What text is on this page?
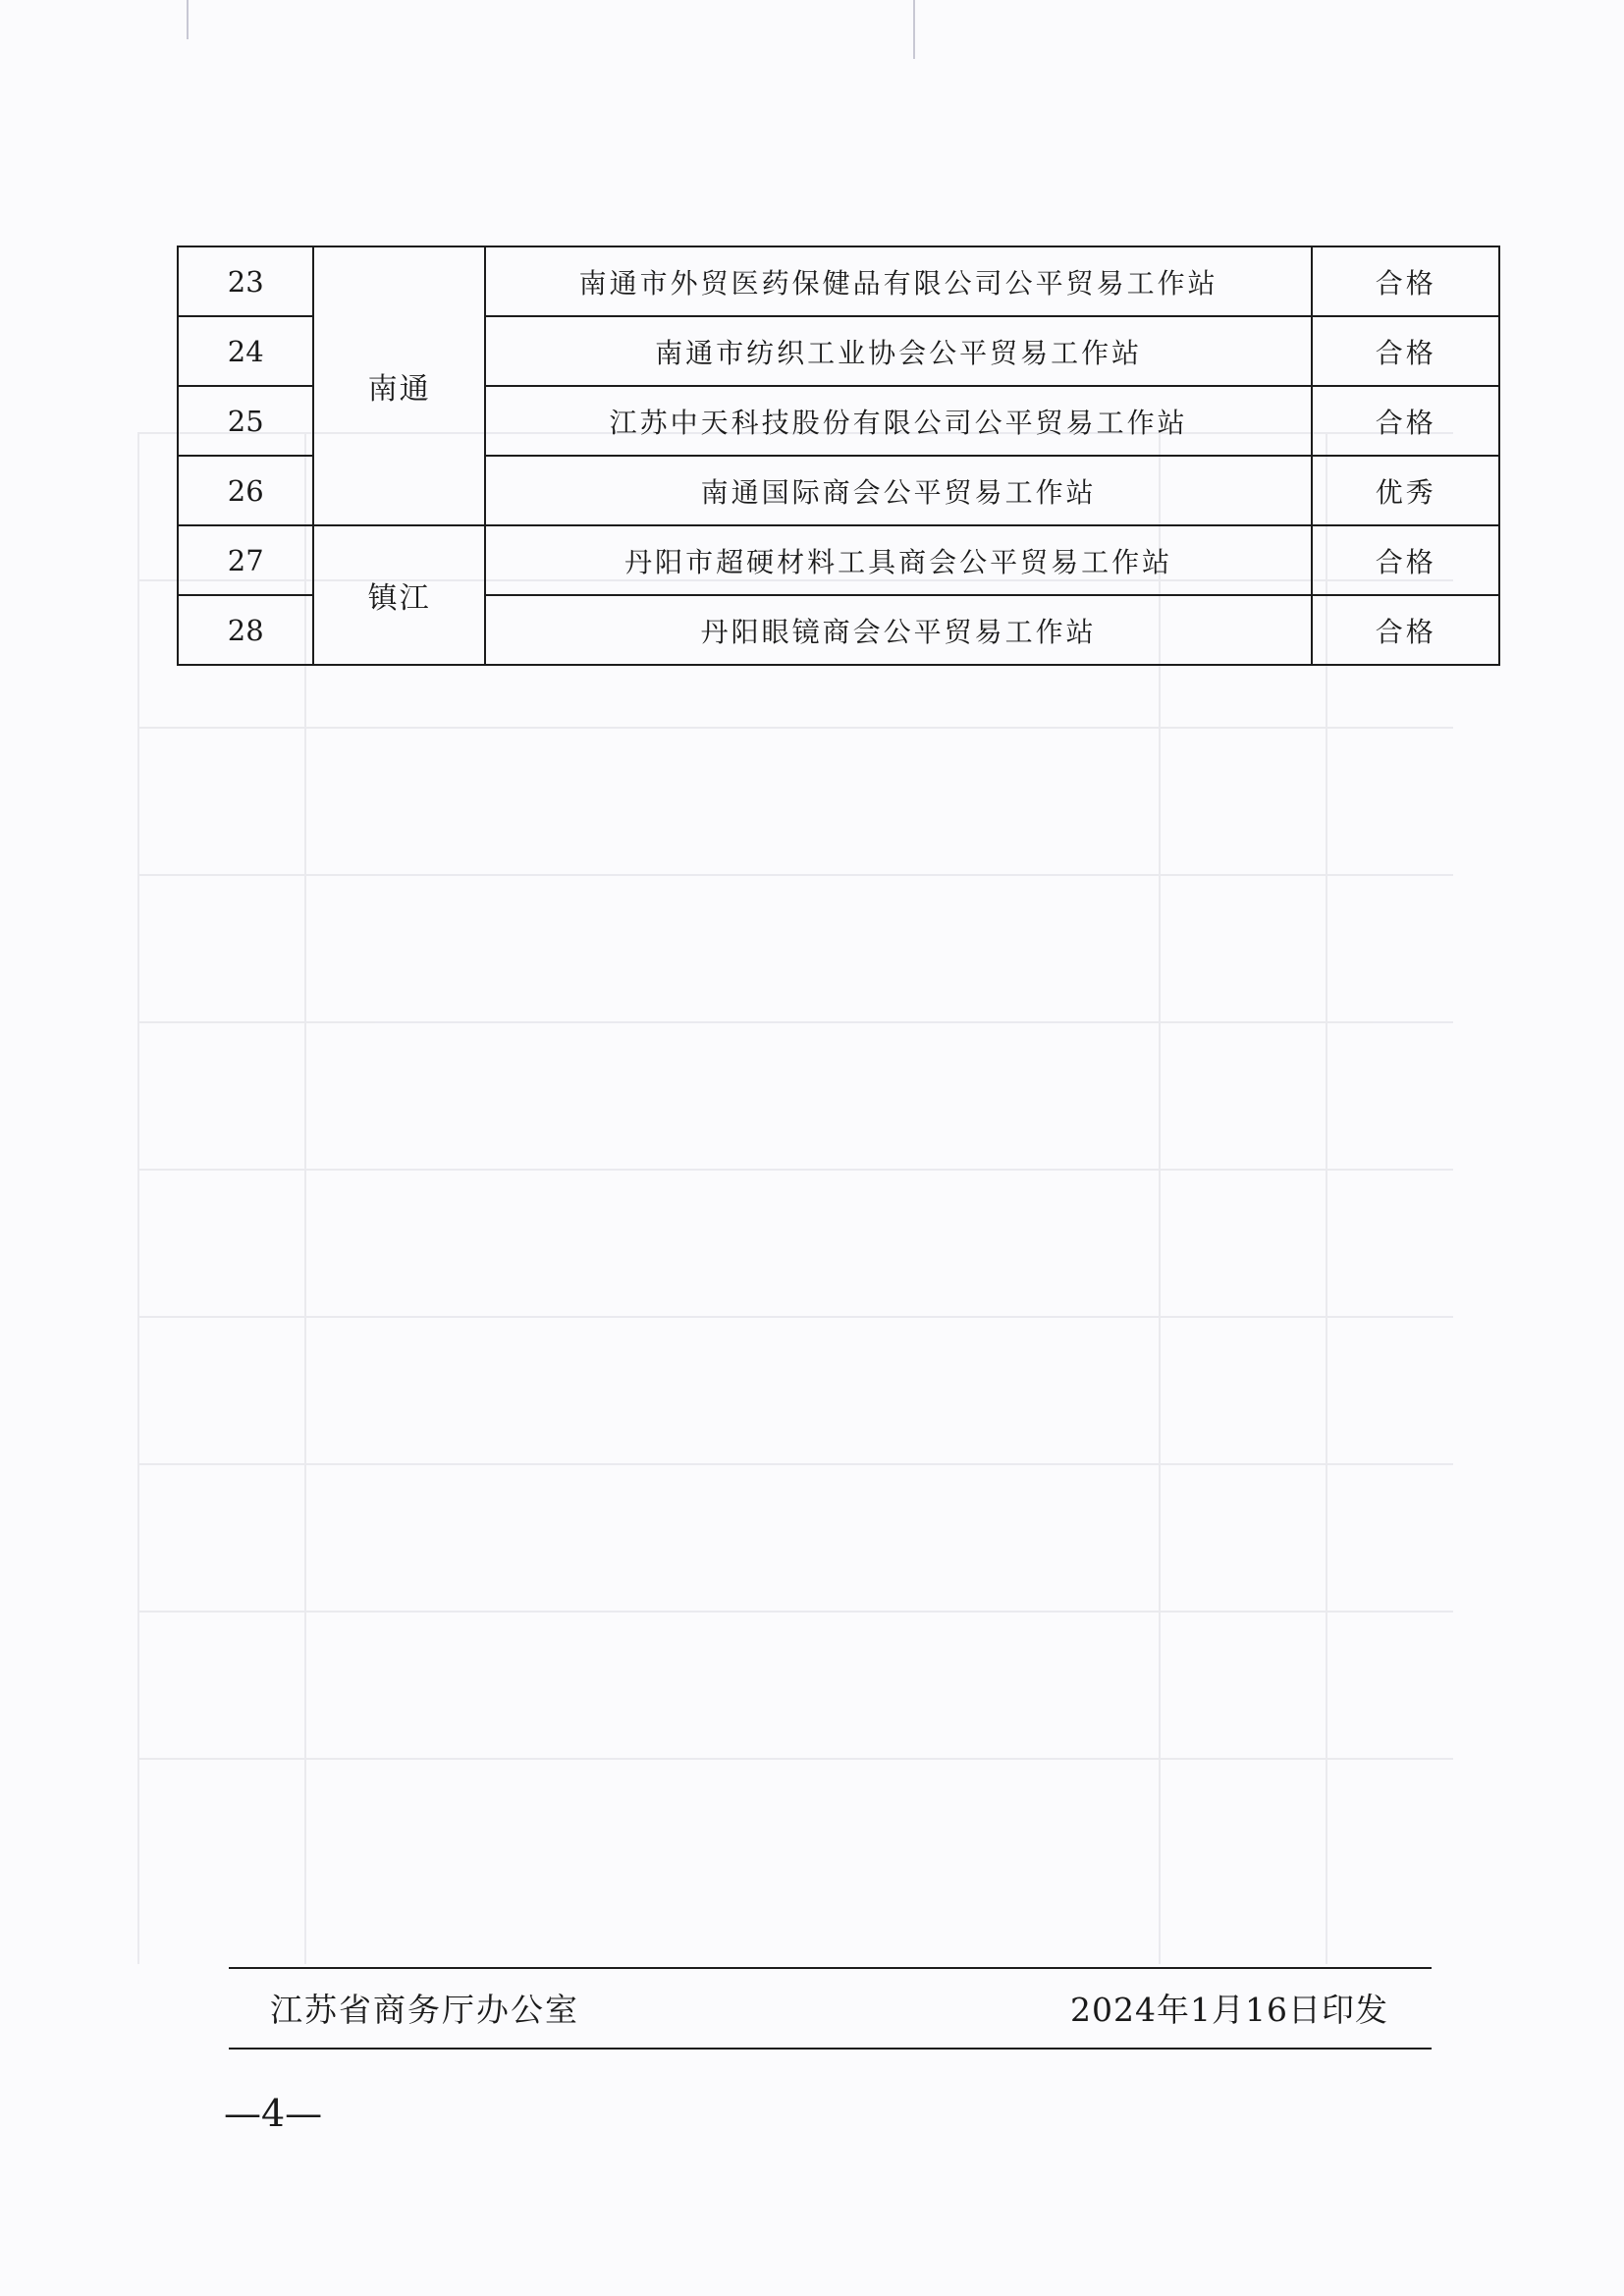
23	南通	南通市外贸医药保健品有限公司公平贸易工作站	合格
24		南通市纺织工业协会公平贸易工作站	合格
25		江苏中天科技股份有限公司公平贸易工作站	合格
26		南通国际商会公平贸易工作站	优秀
27	镇江	丹阳市超硬材料工具商会公平贸易工作站	合格
28		丹阳眼镜商会公平贸易工作站	合格
江苏省商务厅办公室	2024年1月16日印发
—4—
